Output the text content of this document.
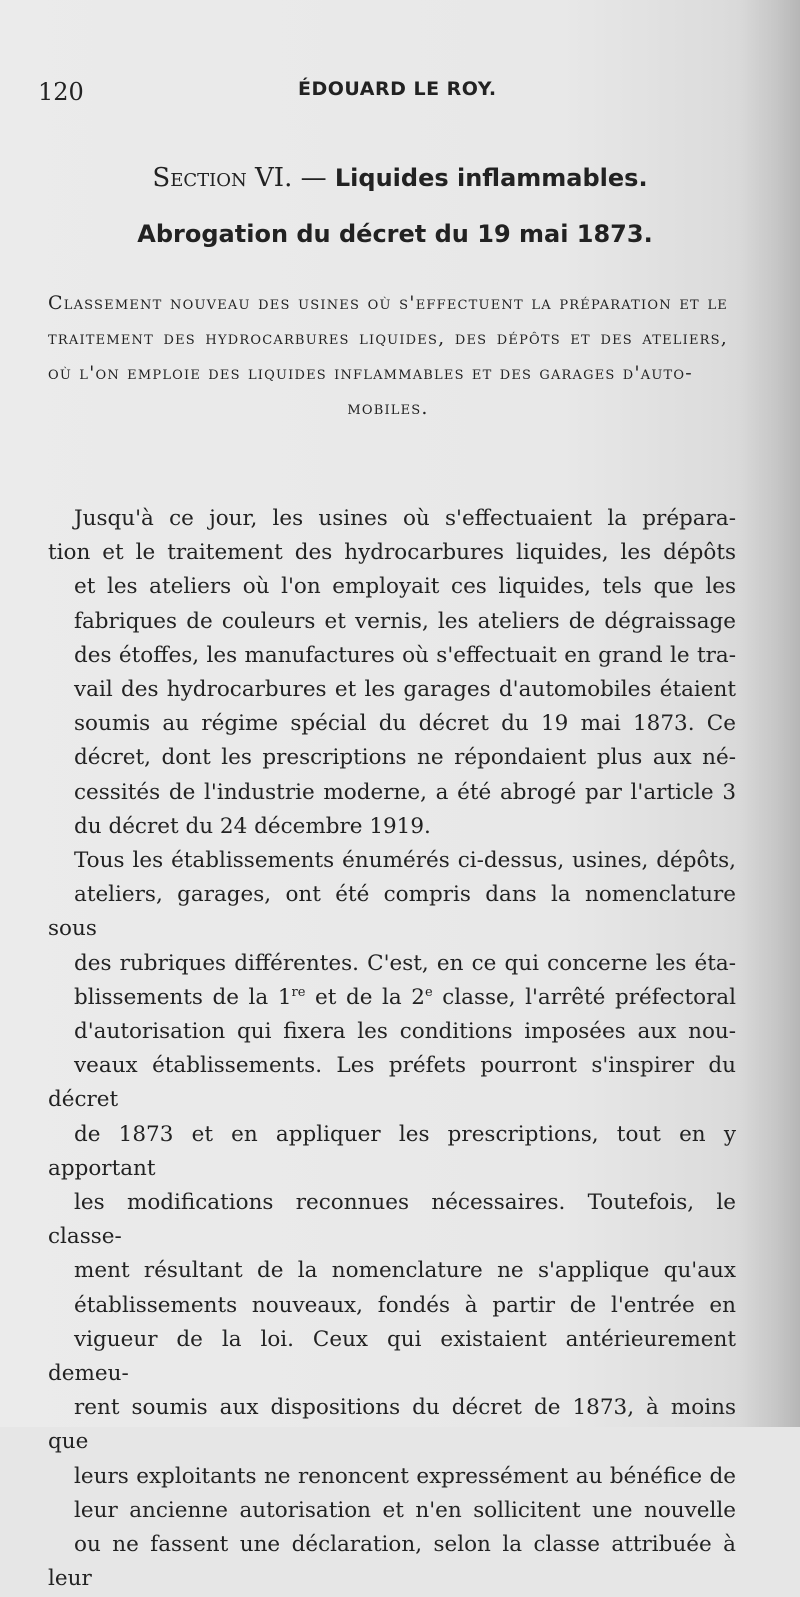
120	ÉDOUARD LE ROY.
Section VI. — Liquides inflammables.
Abrogation du décret du 19 mai 1873.
Classement nouveau des usines où s'effectuent la préparation et le traitement des hydrocarbures liquides, des dépôts et des ateliers, où l'on emploie des liquides inflammables et des garages d'auto-
mobiles.

Jusqu'à ce jour, les usines où s'effectuaient la prépara-
tion et le traitement des hydrocarbures liquides, les dépôts
et les ateliers où l'on employait ces liquides, tels que les
fabriques de couleurs et vernis, les ateliers de dégraissage
des étoffes, les manufactures où s'effectuait en grand le tra-
vail des hydrocarbures et les garages d'automobiles étaient
soumis au régime spécial du décret du 19 mai 1873. Ce
décret, dont les prescriptions ne répondaient plus aux né-
cessités de l'industrie moderne, a été abrogé par l'article 3
du décret du 24 décembre 1919.

Tous les établissements énumérés ci-dessus, usines, dépôts,
ateliers, garages, ont été compris dans la nomenclature sous
des rubriques différentes. C'est, en ce qui concerne les éta-
blissements de la 1re et de la 2e classe, l'arrêté préfectoral
d'autorisation qui fixera les conditions imposées aux nou-
veaux établissements. Les préfets pourront s'inspirer du décret
de 1873 et en appliquer les prescriptions, tout en y apportant
les modifications reconnues nécessaires. Toutefois, le classe-
ment résultant de la nomenclature ne s'applique qu'aux
établissements nouveaux, fondés à partir de l'entrée en
vigueur de la loi. Ceux qui existaient antérieurement demeu-
rent soumis aux dispositions du décret de 1873, à moins que
leurs exploitants ne renoncent expressément au bénéfice de
leur ancienne autorisation et n'en sollicitent une nouvelle
ou ne fassent une déclaration, selon la classe attribuée à leur
